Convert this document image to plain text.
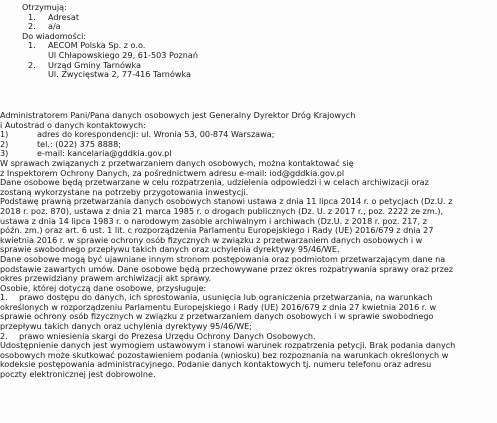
Otrzymują:
1. Adresat
2. a/a
Do wiadomości:
1. AECOM Polska Sp. z o.o.
Ul Chłapowskiego 29, 61-503 Poznań
2. Urząd Gminy Tarnówka
Ul. Zwycięstwa 2, 77-416 Tarnówka
Administratorem Pani/Pana danych osobowych jest Generalny Dyrektor Dróg Krajowych
i Autostrad o danych kontaktowych:
1)	adres do korespondencji: ul. Wronia 53, 00-874 Warszawa;
2)	tel.: (022) 375 8888;
3)	e-mail: kancelaria@gddkia.gov.pl
W sprawach związanych z przetwarzaniem danych osobowych, można kontaktować się
z Inspektorem Ochrony Danych, za pośrednictwem adresu e-mail: iod@gddkia.gov.pl
Dane osobowe będą przetwarzane w celu rozpatrzenia, udzielenia odpowiedzi i w celach archiwizacji oraz
zostaną wykorzystane na potrzeby przygotowania inwestycji.
Podstawę prawną przetwarzania danych osobowych stanowi ustawa z dnia 11 lipca 2014 r. o petycjach (Dz.U. z
2018 r. poz. 870), ustawa z dnia 21 marca 1985 r. o drogach publicznych (Dz. U. z 2017 r., poz. 2222 ze zm.),
ustawa z dnia 14 lipca 1983 r. o narodowym zasobie archiwalnym i archiwach (Dz.U. z 2018 r. poz. 217, z
późn. zm.) oraz art. 6 ust. 1 lit. c rozporządzenia Parlamentu Europejskiego i Rady (UE) 2016/679 z dnia 27
kwietnia 2016 r. w sprawie ochrony osób fizycznych w związku z przetwarzaniem danych osobowych i w
sprawie swobodnego przepływu takich danych oraz uchylenia dyrektywy 95/46/WE.
Dane osobowe mogą być ujawniane innym stronom postępowania oraz podmiotom przetwarzającym dane na
podstawie zawartych umów. Dane osobowe będą przechowywane przez okres rozpatrywania sprawy oraz przez
okres przewidziany prawem archiwizacji akt sprawy.
Osobie, której dotyczą dane osobowe, przysługuje:
1. prawo dostępu do danych, ich sprostowania, usunięcia lub ograniczenia przetwarzania, na warunkach
określonych w rozporządzeniu Parlamentu Europejskiego i Rady (UE) 2016/679 z dnia 27 kwietnia 2016 r. w
sprawie ochrony osób fizycznych w związku z przetwarzaniem danych osobowych i w sprawie swobodnego
przepływu takich danych oraz uchylenia dyrektywy 95/46/WE;
2. prawo wniesienia skargi do Prezesa Urzędu Ochrony Danych Osobowych.
Udostępnienie danych jest wymogiem ustawowym i stanowi warunek rozpatrzenia petycji. Brak podania danych
osobowych może skutkować pozostawieniem podania (wniosku) bez rozpoznania na warunkach określonych w
kodeksie postępowania administracyjnego. Podanie danych kontaktowych tj. numeru telefonu oraz adresu
poczty elektronicznej jest dobrowolne.
